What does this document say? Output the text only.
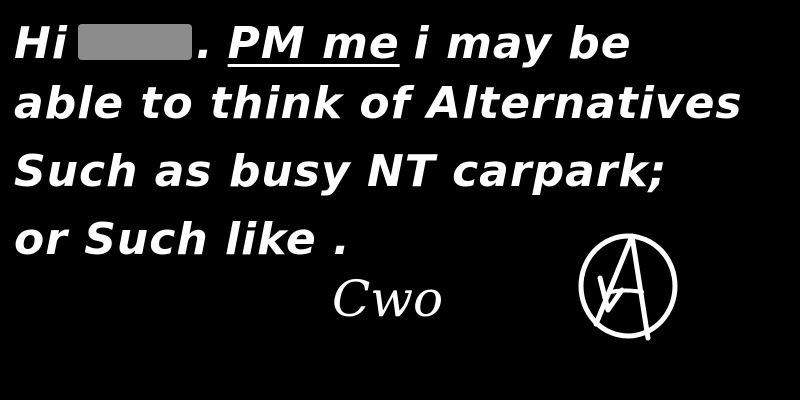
Hi	. PM me i may be
able to think of Alternatives
Such as busy NT carpark;
or Such like .
Cwo
